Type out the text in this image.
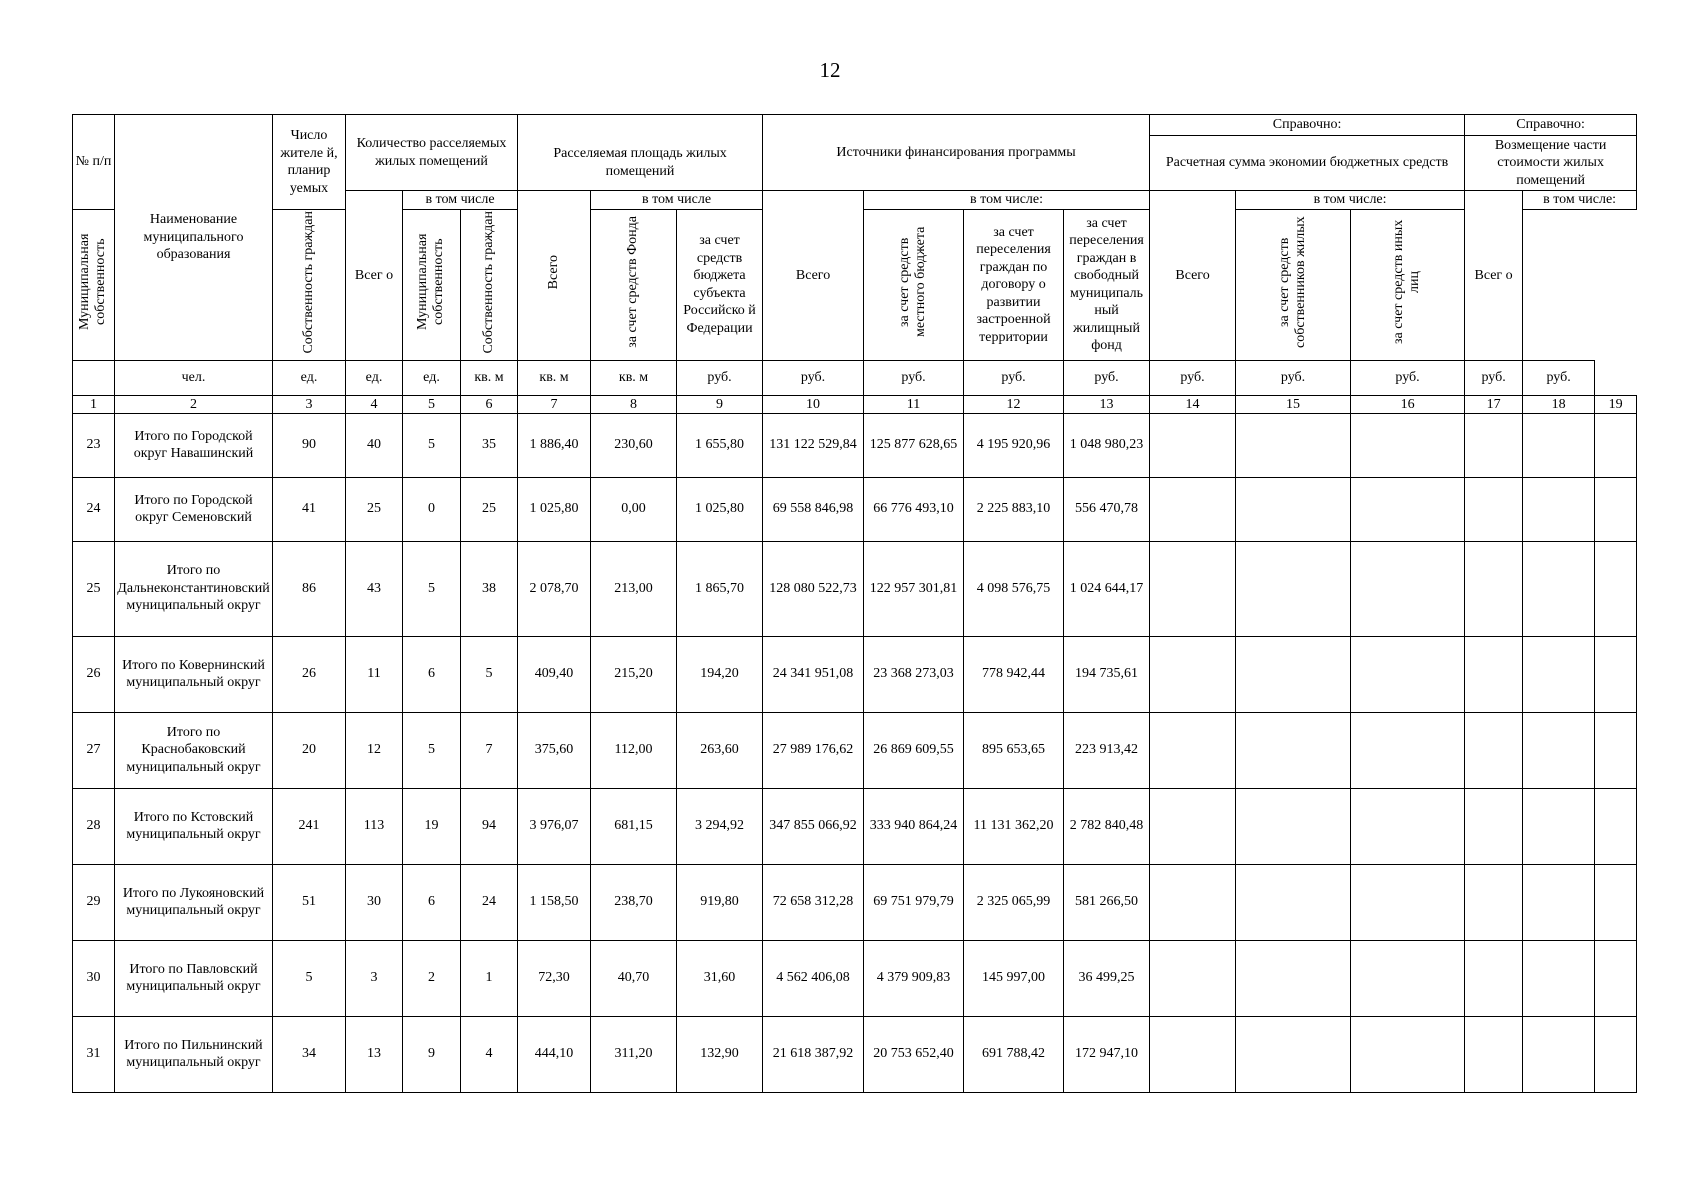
12
№ п/п	Наименование муниципального образования	Число жителе й, планир уемых	Количество расселяемых жилых помещений			Расселяемая площадь жилых помещений			Источники финансирования программы				Справочно:			Справочно:		
													Расчетная сумма экономии бюджетных средств			Возмещение части стоимости жилых помещений		
			Всег о	в том числе		Всего	в том числе		Всего	в том числе:			Всего	в том числе:		Всег о	в том числе:	
Муниципальная собственность		Собственность граждан		Муниципальная собственность	Собственность граждан		за счет средств Фонда	за счет средств бюджета субъекта Российско й Федерации		за счет средств местного бюджета	за счет переселения граждан по договору о развитии застроенной территории	за счет переселения граждан в свободный муниципаль ный жилищный фонд		за счет средств собственников жилых	за счет средств иных лиц			
	чел.	ед.	ед.	ед.	кв. м	кв. м	кв. м	руб.	руб.	руб.	руб.	руб.	руб.	руб.	руб.	руб.	руб.	
1	2	3	4	5	6	7	8	9	10	11	12	13	14	15	16	17	18	19
23	Итого по Городской округ Навашинский	90	40	5	35	1 886,40	230,60	1 655,80	131 122 529,84	125 877 628,65	4 195 920,96	1 048 980,23						
24	Итого по Городской округ Семеновский	41	25	0	25	1 025,80	0,00	1 025,80	69 558 846,98	66 776 493,10	2 225 883,10	556 470,78						
25	Итого по Дальнеконстантиновский муниципальный округ	86	43	5	38	2 078,70	213,00	1 865,70	128 080 522,73	122 957 301,81	4 098 576,75	1 024 644,17						
26	Итого по Ковернинский муниципальный округ	26	11	6	5	409,40	215,20	194,20	24 341 951,08	23 368 273,03	778 942,44	194 735,61						
27	Итого по Краснобаковский муниципальный округ	20	12	5	7	375,60	112,00	263,60	27 989 176,62	26 869 609,55	895 653,65	223 913,42						
28	Итого по Кстовский муниципальный округ	241	113	19	94	3 976,07	681,15	3 294,92	347 855 066,92	333 940 864,24	11 131 362,20	2 782 840,48						
29	Итого по Лукояновский муниципальный округ	51	30	6	24	1 158,50	238,70	919,80	72 658 312,28	69 751 979,79	2 325 065,99	581 266,50						
30	Итого по Павловский муниципальный округ	5	3	2	1	72,30	40,70	31,60	4 562 406,08	4 379 909,83	145 997,00	36 499,25						
31	Итого по Пильнинский муниципальный округ	34	13	9	4	444,10	311,20	132,90	21 618 387,92	20 753 652,40	691 788,42	172 947,10						
